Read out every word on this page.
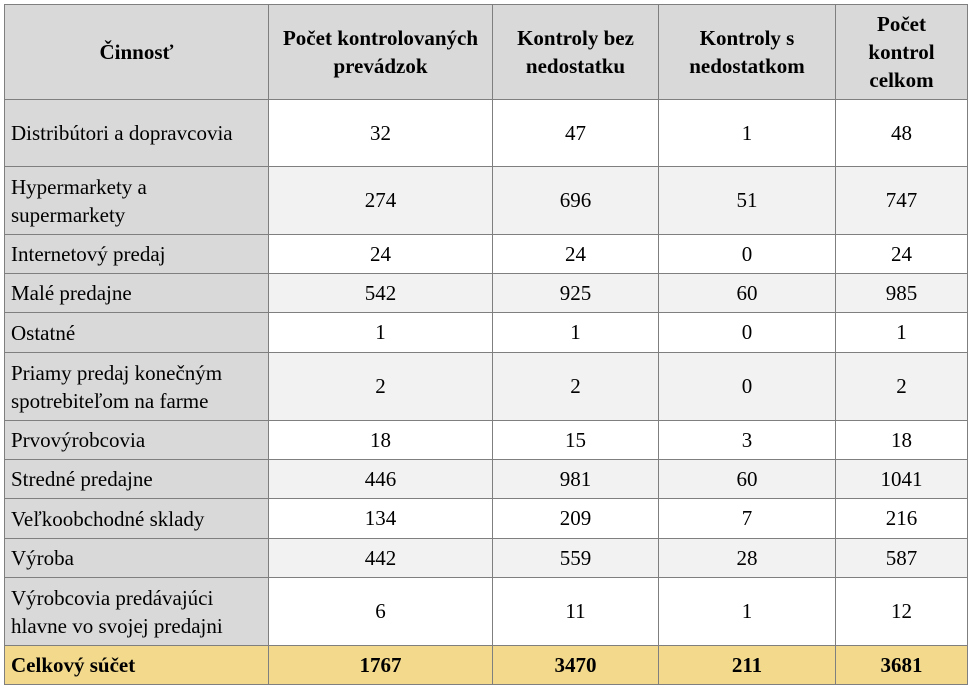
Činnosť	Počet kontrolovaných prevádzok	Kontroly bez nedostatku	Kontroly s nedostatkom	Počet kontrol celkom
Distribútori a dopravcovia	32	47	1	48
Hypermarkety a supermarkety	274	696	51	747
Internetový predaj	24	24	0	24
Malé predajne	542	925	60	985
Ostatné	1	1	0	1
Priamy predaj konečným spotrebiteľom na farme	2	2	0	2
Prvovýrobcovia	18	15	3	18
Stredné predajne	446	981	60	1041
Veľkoobchodné sklady	134	209	7	216
Výroba	442	559	28	587
Výrobcovia predávajúci hlavne vo svojej predajni	6	11	1	12
Celkový súčet	1767	3470	211	3681
